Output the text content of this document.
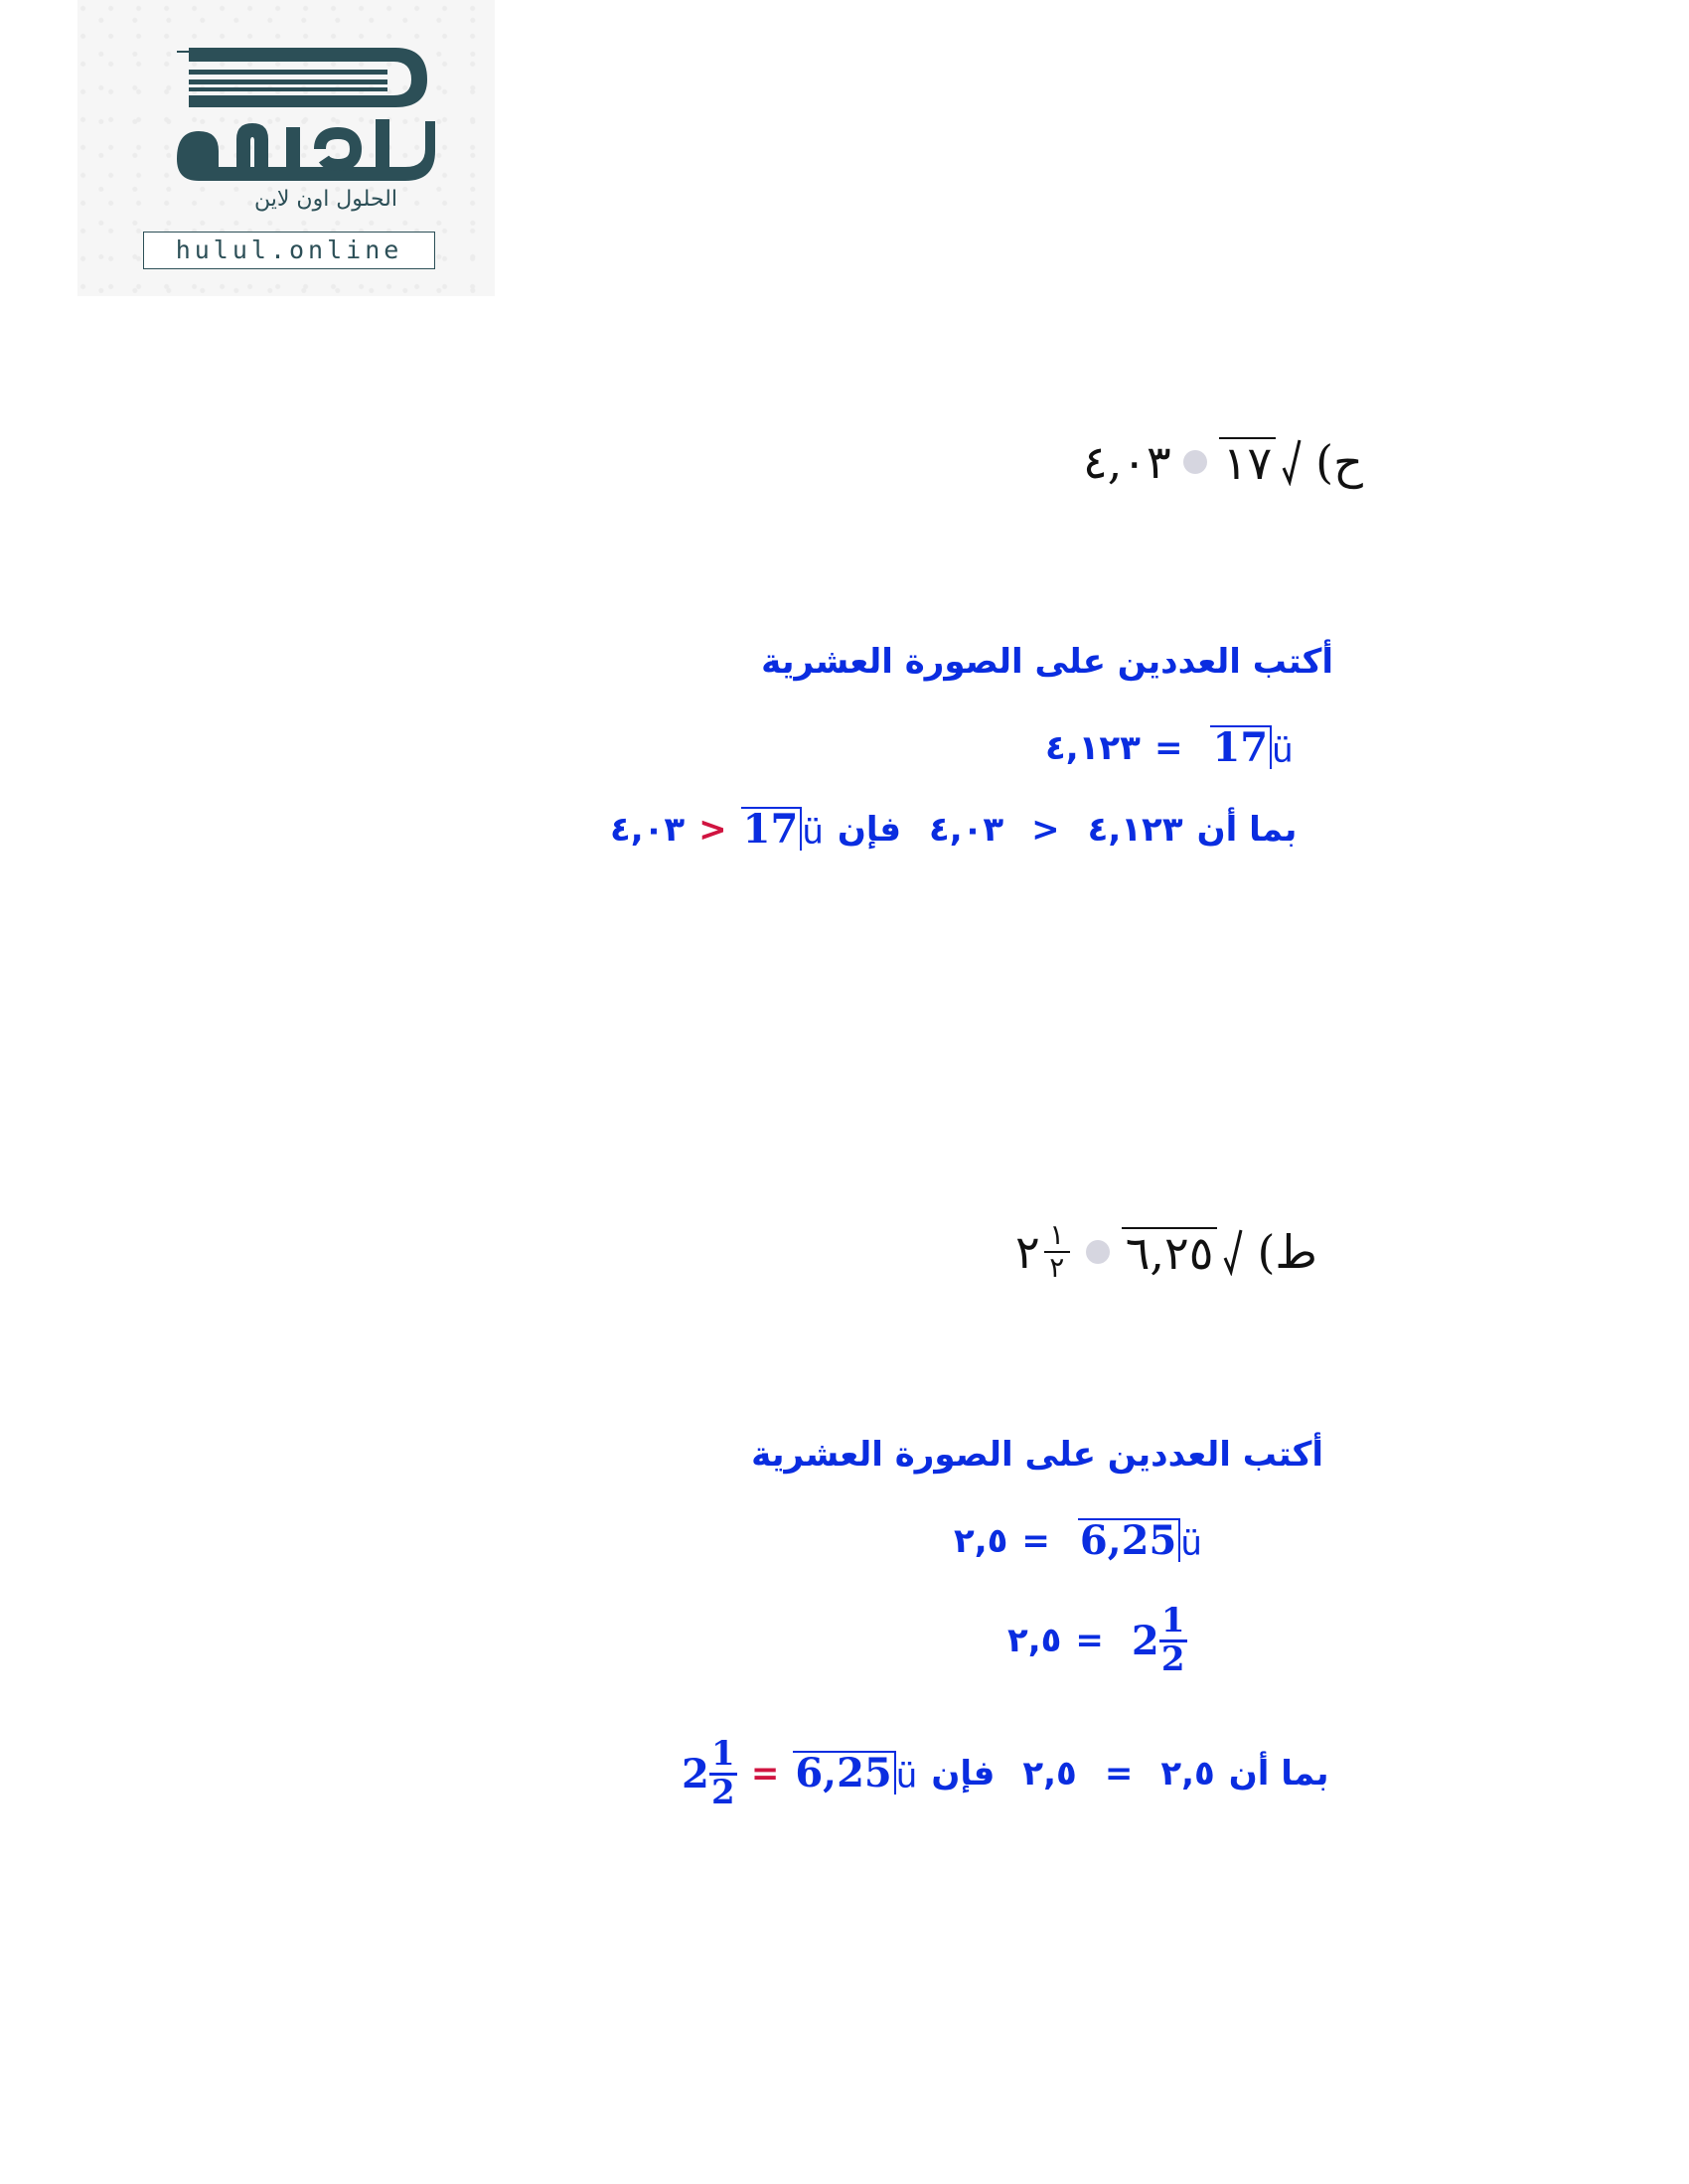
الحلول اون لاين
hulul.online
٤,٠٣ ١٧ ح)
أكتب العددين على الصورة العشرية
٤,١٢٣ = 17 ü
٤,٠٣ > 17 ü فإن ٤,٠٣ > ٤,١٢٣ بما أن
٢ $\frac{١}{٢}$ ٦,٢٥ ط)
أكتب العددين على الصورة العشرية
٢,٥ = 6,25 ü
٢,٥ = 2 1
2
2 1
2 = 6,25 ü فإن ٢,٥ = ٢,٥ بما أن
